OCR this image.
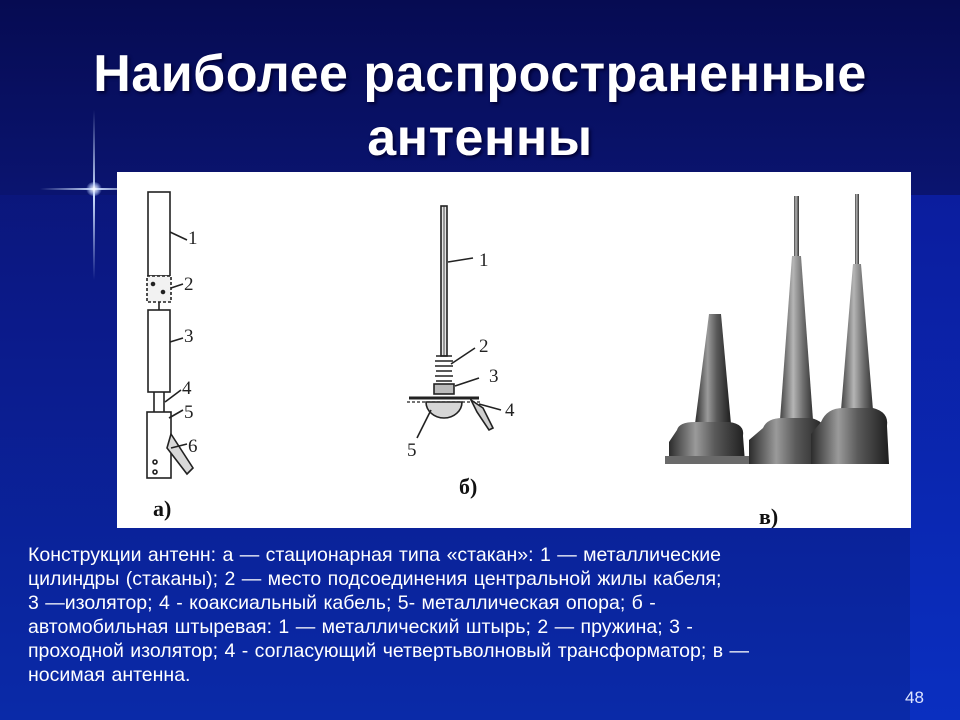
Наиболее распространенные
антенны
1
2
3
4
5
6
а)
1
2
3
4
5
б)
в)
Конструкции антенн: а — стационарная типа «стакан»: 1 — металлические
цилиндры (стаканы); 2 — место подсоединения центральной жилы кабеля;
3 —изолятор; 4 - коаксиальный кабель; 5- металлическая опора; б -
автомобильная штыревая: 1 — металлический штырь; 2 — пружина; 3 -
проходной изолятор; 4 - согласующий четвертьволновый трансформатор; в —
носимая антенна.
48
